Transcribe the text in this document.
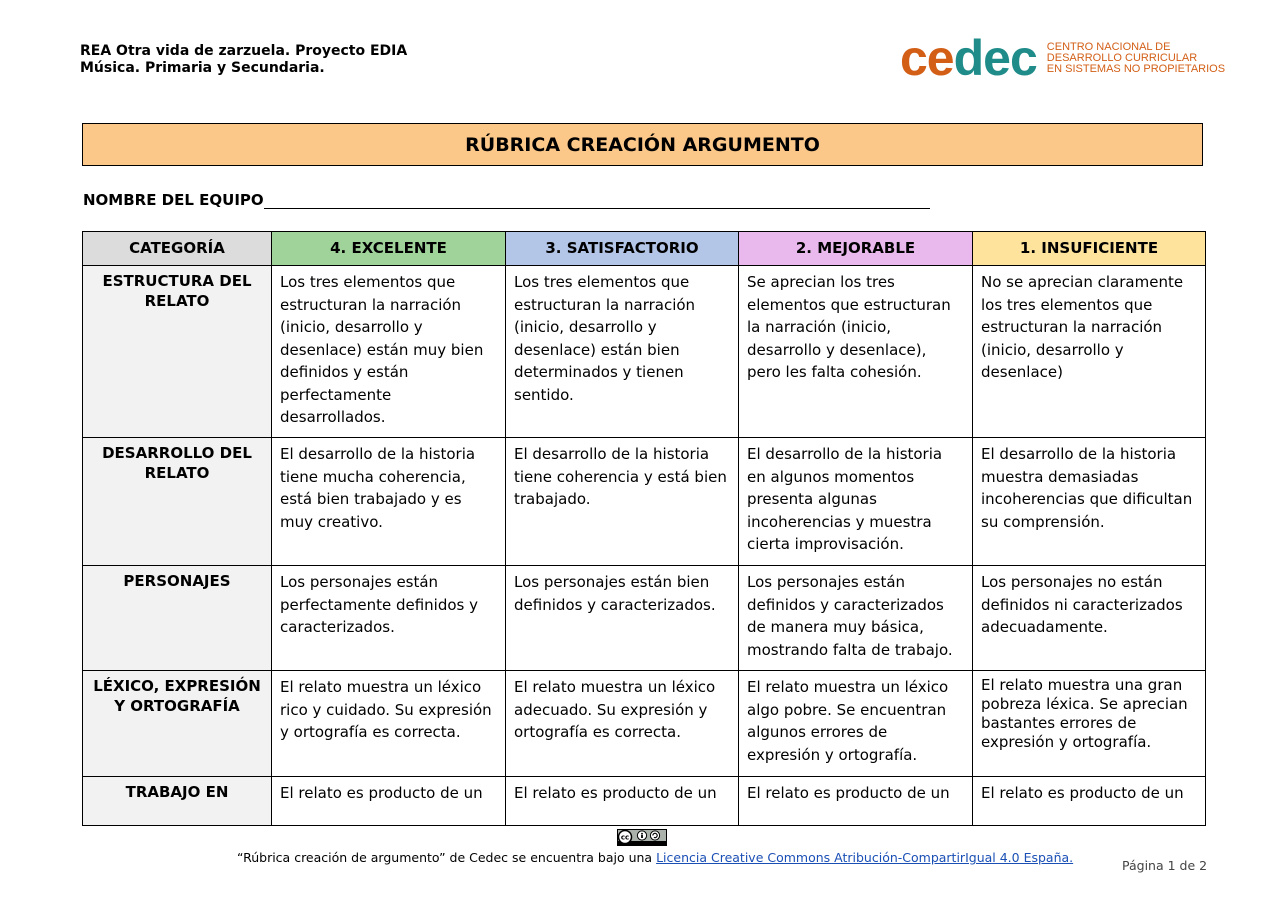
REA Otra vida de zarzuela. Proyecto EDIA
Música. Primaria y Secundaria.	cedec CENTRO NACIONAL DE
DESARROLLO CURRICULAR
EN SISTEMAS NO PROPIETARIOS
RÚBRICA CREACIÓN ARGUMENTO
NOMBRE DEL EQUIPO
CATEGORÍA	4. EXCELENTE	3. SATISFACTORIO	2. MEJORABLE	1. INSUFICIENTE
ESTRUCTURA DEL RELATO	Los tres elementos que estructuran la narración (inicio, desarrollo y desenlace) están muy bien definidos y están perfectamente desarrollados.	Los tres elementos que estructuran la narración (inicio, desarrollo y desenlace) están bien determinados y tienen sentido.	Se aprecian los tres elementos que estructuran la narración (inicio, desarrollo y desenlace), pero les falta cohesión.	No se aprecian claramente los tres elementos que estructuran la narración (inicio, desarrollo y desenlace)
DESARROLLO DEL RELATO	El desarrollo de la historia tiene mucha coherencia, está bien trabajado y es muy creativo.	El desarrollo de la historia tiene coherencia y está bien trabajado.	El desarrollo de la historia en algunos momentos presenta algunas incoherencias y muestra cierta improvisación.	El desarrollo de la historia muestra demasiadas incoherencias que dificultan su comprensión.
PERSONAJES	Los personajes están perfectamente definidos y caracterizados.	Los personajes están bien definidos y caracterizados.	Los personajes están definidos y caracterizados de manera muy básica, mostrando falta de trabajo.	Los personajes no están definidos ni caracterizados adecuadamente.
LÉXICO, EXPRESIÓN Y ORTOGRAFÍA	El relato muestra un léxico rico y cuidado. Su expresión y ortografía es correcta.	El relato muestra un léxico adecuado. Su expresión y ortografía es correcta.	El relato muestra un léxico algo pobre. Se encuentran algunos errores de expresión y ortografía.	El relato muestra una gran pobreza léxica. Se aprecian bastantes errores de expresión y ortografía.
TRABAJO EN	El relato es producto de un	El relato es producto de un	El relato es producto de un	El relato es producto de un
cc
“Rúbrica creación de argumento” de Cedec se encuentra bajo una Licencia Creative Commons Atribución-CompartirIgual 4.0 España.
Página 1 de 2
